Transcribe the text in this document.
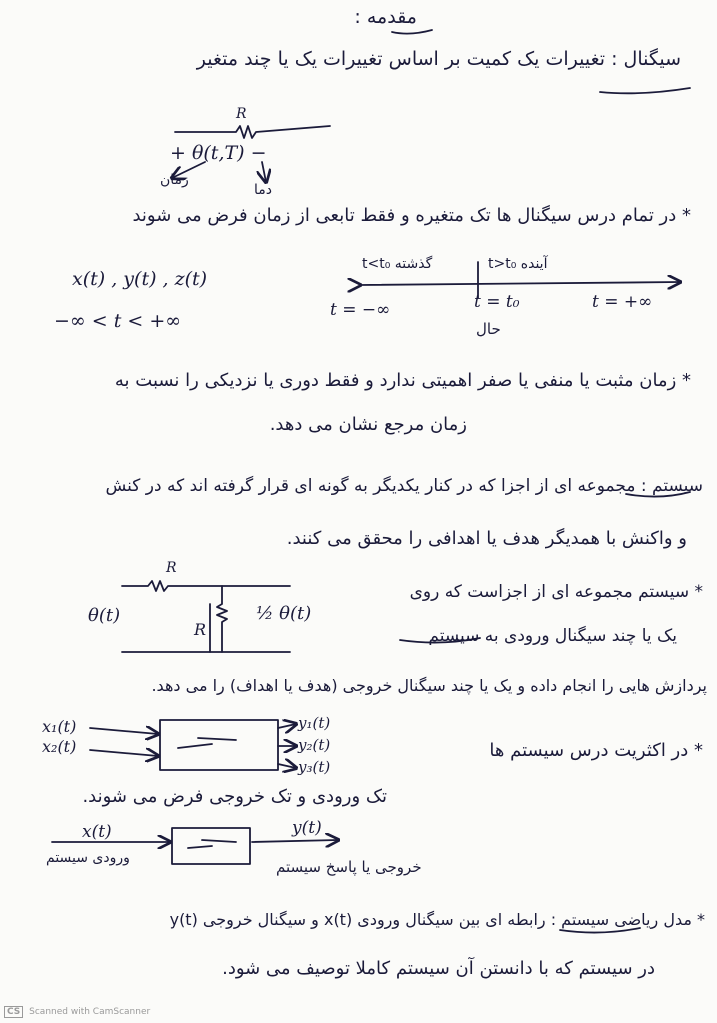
مقدمه :
سیگنال : تغییرات یک کمیت بر اساس تغییرات یک یا چند متغیر
R
+ θ(t,T) −
زمان
دما
* در تمام درس سیگنال ها تک متغیره و فقط تابعی از زمان فرض می شوند
x(t) , y(t) , z(t)
−∞ < t < +∞
گذشته t<t₀	آینده t>t₀
t = −∞	t = t₀	t = +∞
حال
* زمان مثبت یا منفی یا صفر اهمیتی ندارد و فقط دوری یا نزدیکی را نسبت به
زمان مرجع نشان می دهد.
سیستم : مجموعه ای از اجزا که در کنار یکدیگر به گونه ای قرار گرفته اند که در کنش
و واکنش با همدیگر هدف یا اهدافی را محقق می کنند.
θ(t)
R
R
½ θ(t)
* سیستم مجموعه ای از اجزاست که روی
یک یا چند سیگنال ورودی به سیستم
پردازش هایی را انجام داده و یک یا چند سیگنال خروجی (هدف یا اهداف) را می دهد.
x₁(t)
x₂(t)
y₁(t)
y₂(t)
y₃(t)
* در اکثریت درس سیستم ها
تک ورودی و تک خروجی فرض می شوند.
x(t)	y(t)
ورودی سیستم	خروجی یا پاسخ سیستم
* مدل ریاضی سیستم : رابطه ای بین سیگنال ورودی x(t) و سیگنال خروجی y(t)
در سیستم که با دانستن آن سیستم کاملا توصیف می شود.
CS Scanned with CamScanner
